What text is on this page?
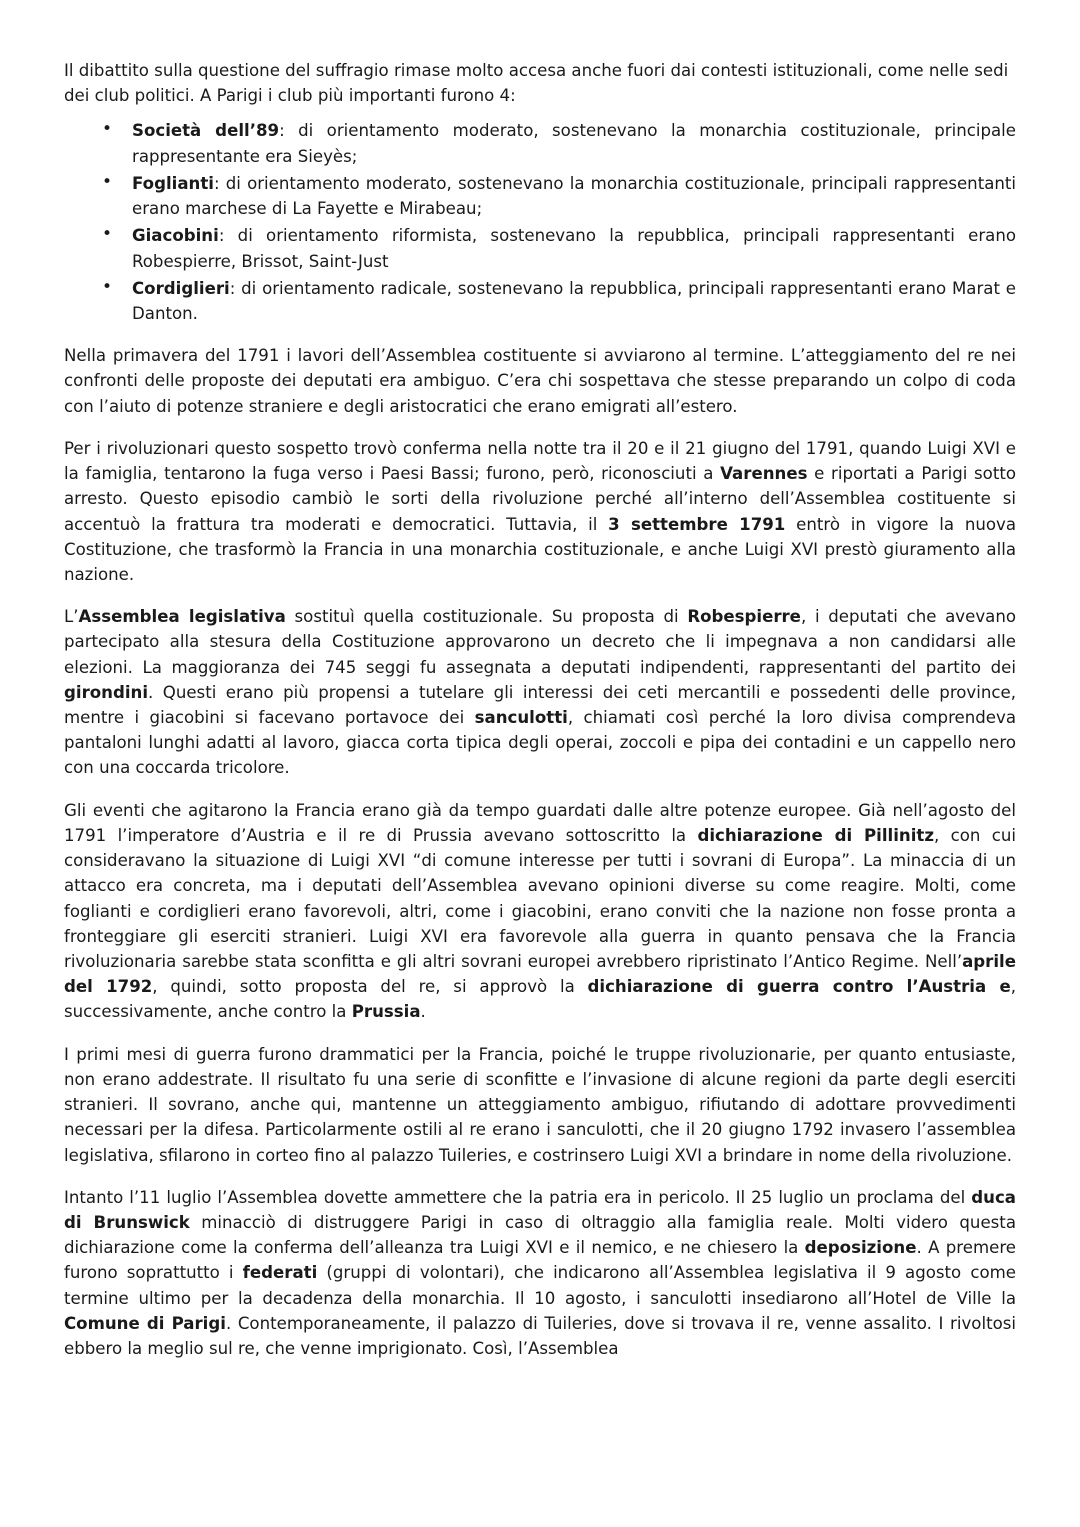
Il dibattito sulla questione del suffragio rimase molto accesa anche fuori dai contesti istituzionali, come nelle sedi dei club politici. A Parigi i club più importanti furono 4:

• Società dell’89: di orientamento moderato, sostenevano la monarchia costituzionale, principale rappresentante era Sieyès;
• Foglianti: di orientamento moderato, sostenevano la monarchia costituzionale, principali rappresentanti erano marchese di La Fayette e Mirabeau;
• Giacobini: di orientamento riformista, sostenevano la repubblica, principali rappresentanti erano Robespierre, Brissot, Saint-Just
• Cordiglieri: di orientamento radicale, sostenevano la repubblica, principali rappresentanti erano Marat e Danton.

Nella primavera del 1791 i lavori dell’Assemblea costituente si avviarono al termine. L’atteggiamento del re nei confronti delle proposte dei deputati era ambiguo. C’era chi sospettava che stesse preparando un colpo di coda con l’aiuto di potenze straniere e degli aristocratici che erano emigrati all’estero.

Per i rivoluzionari questo sospetto trovò conferma nella notte tra il 20 e il 21 giugno del 1791, quando Luigi XVI e la famiglia, tentarono la fuga verso i Paesi Bassi; furono, però, riconosciuti a Varennes e riportati a Parigi sotto arresto. Questo episodio cambiò le sorti della rivoluzione perché all’interno dell’Assemblea costituente si accentuò la frattura tra moderati e democratici. Tuttavia, il 3 settembre 1791 entrò in vigore la nuova Costituzione, che trasformò la Francia in una monarchia costituzionale, e anche Luigi XVI prestò giuramento alla nazione.

L’Assemblea legislativa sostituì quella costituzionale. Su proposta di Robespierre, i deputati che avevano partecipato alla stesura della Costituzione approvarono un decreto che li impegnava a non candidarsi alle elezioni. La maggioranza dei 745 seggi fu assegnata a deputati indipendenti, rappresentanti del partito dei girondini. Questi erano più propensi a tutelare gli interessi dei ceti mercantili e possedenti delle province, mentre i giacobini si facevano portavoce dei sanculotti, chiamati così perché la loro divisa comprendeva pantaloni lunghi adatti al lavoro, giacca corta tipica degli operai, zoccoli e pipa dei contadini e un cappello nero con una coccarda tricolore.

Gli eventi che agitarono la Francia erano già da tempo guardati dalle altre potenze europee. Già nell’agosto del 1791 l’imperatore d’Austria e il re di Prussia avevano sottoscritto la dichiarazione di Pillinitz, con cui consideravano la situazione di Luigi XVI “di comune interesse per tutti i sovrani di Europa”. La minaccia di un attacco era concreta, ma i deputati dell’Assemblea avevano opinioni diverse su come reagire. Molti, come foglianti e cordiglieri erano favorevoli, altri, come i giacobini, erano conviti che la nazione non fosse pronta a fronteggiare gli eserciti stranieri. Luigi XVI era favorevole alla guerra in quanto pensava che la Francia rivoluzionaria sarebbe stata sconfitta e gli altri sovrani europei avrebbero ripristinato l’Antico Regime. Nell’aprile del 1792, quindi, sotto proposta del re, si approvò la dichiarazione di guerra contro l’Austria e, successivamente, anche contro la Prussia.

I primi mesi di guerra furono drammatici per la Francia, poiché le truppe rivoluzionarie, per quanto entusiaste, non erano addestrate. Il risultato fu una serie di sconfitte e l’invasione di alcune regioni da parte degli eserciti stranieri. Il sovrano, anche qui, mantenne un atteggiamento ambiguo, rifiutando di adottare provvedimenti necessari per la difesa. Particolarmente ostili al re erano i sanculotti, che il 20 giugno 1792 invasero l’assemblea legislativa, sfilarono in corteo fino al palazzo Tuileries, e costrinsero Luigi XVI a brindare in nome della rivoluzione.

Intanto l’11 luglio l’Assemblea dovette ammettere che la patria era in pericolo. Il 25 luglio un proclama del duca di Brunswick minacciò di distruggere Parigi in caso di oltraggio alla famiglia reale. Molti videro questa dichiarazione come la conferma dell’alleanza tra Luigi XVI e il nemico, e ne chiesero la deposizione. A premere furono soprattutto i federati (gruppi di volontari), che indicarono all’Assemblea legislativa il 9 agosto come termine ultimo per la decadenza della monarchia. Il 10 agosto, i sanculotti insediarono all’Hotel de Ville la Comune di Parigi. Contemporaneamente, il palazzo di Tuileries, dove si trovava il re, venne assalito. I rivoltosi ebbero la meglio sul re, che venne imprigionato. Così, l’Assemblea
